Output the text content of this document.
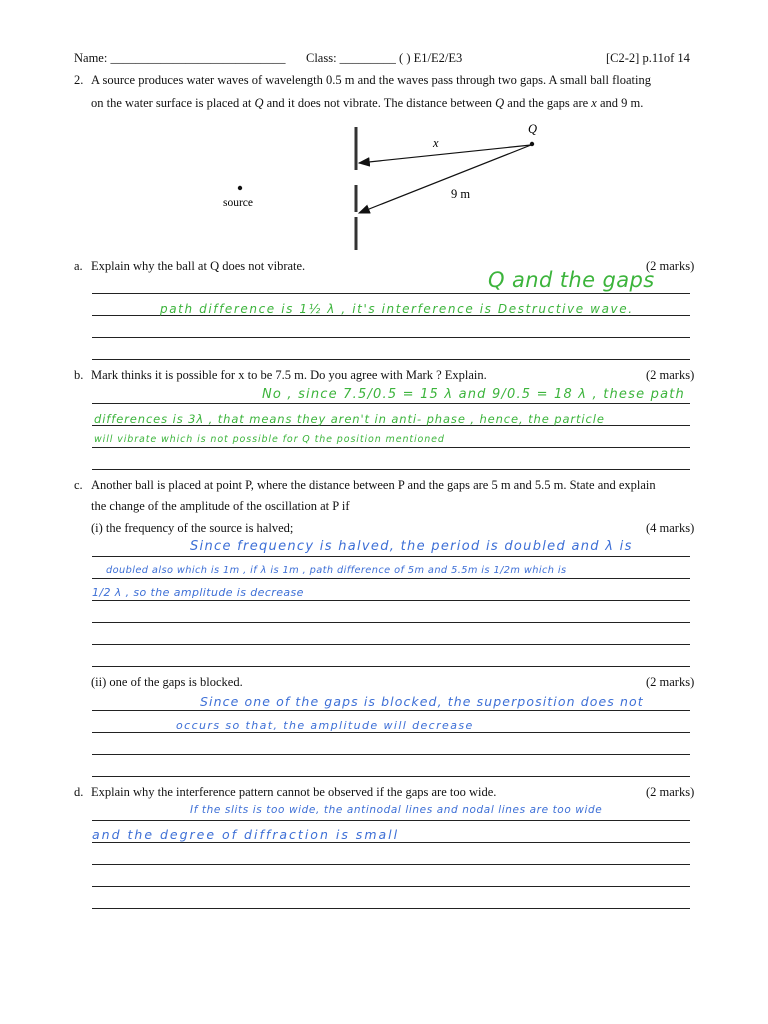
Name: ____________________________ Class: _________ ( ) E1/E2/E3	[C2-2] p.11of 14
2. A source produces water waves of wavelength 0.5 m and the waves pass through two gaps. A small ball floating
on the water surface is placed at Q and it does not vibrate. The distance between Q and the gaps are x and 9 m.
Q
x
9 m
source
a. Explain why the ball at Q does not vibrate.	(2 marks)
Q and the gaps
path difference is 1½ λ , it's interference is Destructive wave.
b. Mark thinks it is possible for x to be 7.5 m. Do you agree with Mark ? Explain.	(2 marks)
No , since 7.5/0.5 = 15 λ and 9/0.5 = 18 λ , these path
differences is 3λ , that means they aren't in anti- phase , hence, the particle
will vibrate which is not possible for Q the position mentioned
c. Another ball is placed at point P, where the distance between P and the gaps are 5 m and 5.5 m. State and explain
the change of the amplitude of the oscillation at P if
(i) the frequency of the source is halved;	(4 marks)
Since frequency is halved, the period is doubled and λ is
doubled also which is 1m , if λ is 1m , path difference of 5m and 5.5m is 1/2m which is
1/2 λ , so the amplitude is decrease
(ii) one of the gaps is blocked.	(2 marks)
Since one of the gaps is blocked, the superposition does not
occurs so that, the amplitude will decrease
d. Explain why the interference pattern cannot be observed if the gaps are too wide.	(2 marks)
If the slits is too wide, the antinodal lines and nodal lines are too wide
and the degree of diffraction is small
